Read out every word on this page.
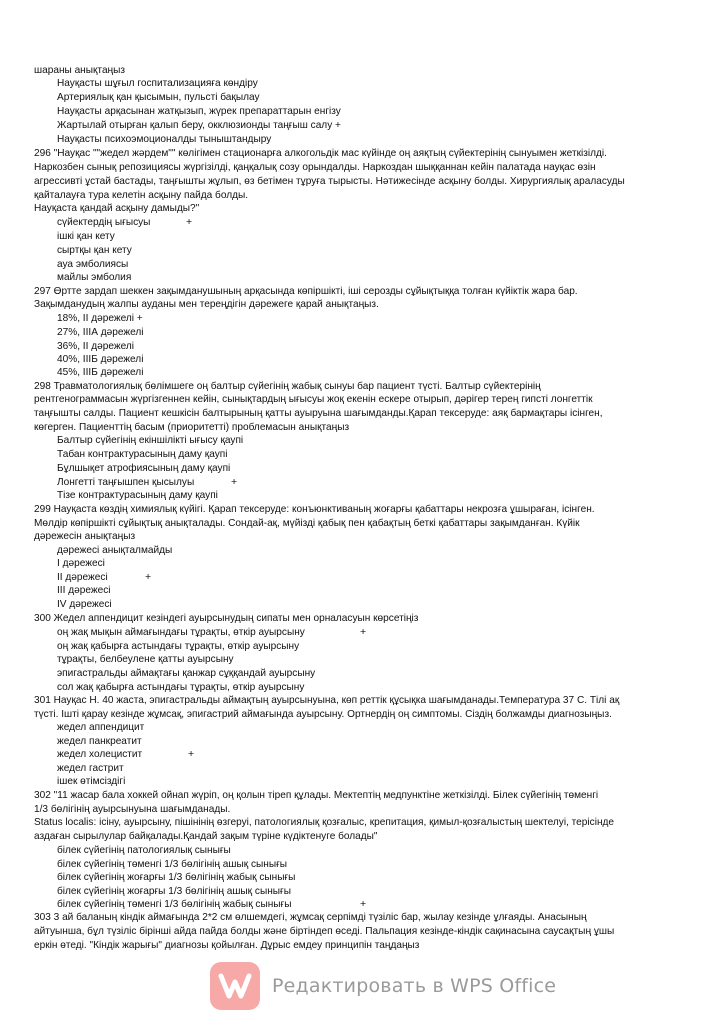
шараны анықтаңыз
Науқасты шұғыл госпитализацияға көндіру
Артериялық қан қысымын, пульсті бақылау
Науқасты арқасынан жатқызып, жүрек препараттарын енгізу
Жартылай отырған қалып беру, окклюзионды таңғыш салу +
Науқасты психоэмоционалды тыныштандыру
296 "Науқас ""жедел жәрдем"" көлігімен стационарға алкогольдік мас күйінде оң аяқтың сүйектерінің сынуымен жеткізілді.
Наркозбен сынық репозициясы жүргізілді, қаңқалық созу орындалды. Наркоздан шыққаннан кейін палатада науқас өзін
агрессивті ұстай бастады, таңғышты жұлып, өз бетімен тұруға тырысты. Нәтижесінде асқыну болды. Хирургиялық араласуды
қайталауға тура келетін асқыну пайда болды.
Науқаста қандай асқыну дамыды?"
сүйектердің ығысуы	+
ішкі қан кету
сыртқы қан кету
ауа эмболиясы
майлы эмболия
297 Өртте зардап шеккен зақымданушының арқасында көпіршікті, іші серозды сұйықтыққа толған күйіктік жара бар.
Зақымданудың жалпы ауданы мен тереңдігін дәрежеге қарай анықтаңыз.
18%, ІІ дәрежелі +
27%, ІІІА дәрежелі
36%, ІІ дәрежелі
40%, ІІІБ дәрежелі
45%, ІІІБ дәрежелі
298 Травматологиялық бөлімшеге оң балтыр сүйегінің жабық сынуы бар пациент түсті. Балтыр сүйектерінің
рентгенограммасын жүргізгеннен кейін, сынықтардың ығысуы жоқ екенін ескере отырып, дәрігер терең гипсті лонгеттік
таңғышты салды. Пациент кешкісін балтырының қатты ауыруына шағымданды.Қарап тексеруде: аяқ бармақтары ісінген,
көгерген. Пациенттің басым (приоритетті) проблемасын анықтаңыз
Балтыр сүйегінің екіншілікті ығысу қаупі
Табан контрактурасының даму қаупі
Бұлшықет атрофиясының даму қаупі
Лонгетті таңғышпен қысылуы	+
Тізе контрактурасының даму қаупі
299 Науқаста көздің химиялық күйігі. Қарап тексеруде: конъюнктиваның жоғарғы қабаттары некрозға ұшыраған, ісінген.
Мөлдір көпіршікті сұйықтық анықталады. Сондай-ақ, мүйізді қабық пен қабақтың беткі қабаттары зақымданған. Күйік
дәрежесін анықтаңыз
дәрежесі анықталмайды
І дәрежесі
ІІ дәрежесі	+
ІІІ дәрежесі
ІV дәрежесі
300 Жедел аппендицит кезіндегі ауырсынудың сипаты мен орналасуын көрсетіңіз
оң жақ мықын аймағындағы тұрақты, өткір ауырсыну	+
оң жақ қабырға астындағы тұрақты, өткір ауырсыну
тұрақты, белбеулене қатты ауырсыну
эпигастральды аймақтағы қанжар сұққандай ауырсыну
сол жақ қабырға астындағы тұрақты, өткір ауырсыну
301 Науқас Н. 40 жаста, эпигастральды аймақтың ауырсынуына, көп реттік құсықка шағымданады.Температура 37 С. Тілі ақ
түсті. Іштi қарау кезінде жұмсақ, эпигастрий аймағында ауырсыну. Ортнердің оң симптомы. Сіздің болжамды диагнозыңыз.
жедел аппендицит
жедел панкреатит
жедел холецистит	+
жедел гастрит
ішек өтімсіздігі
302 "11 жасар бала хоккей ойнап жүріп, оң қолын тіреп құлады. Мектептің медпунктіне жеткізілді. Білек сүйегінің төменгі
1/3 бөлігінің ауырсынуына шағымданады.
Status localis: ісіну, ауырсыну, пішінінің өзгеруі, патологиялық қозғалыс, крепитация, қимыл-қозғалыстың шектелуі, терісінде
аздаған сырылулар байқалады.Қандай зақым түріне күдіктенуге болады"
білек сүйегінің патологиялық сынығы
білек сүйегінің төменгі 1/3 бөлігінің ашық сынығы
білек сүйегінің жоғарғы 1/3 бөлігінің жабық сынығы
білек сүйегінің жоғарғы 1/3 бөлігінің ашық сынығы
білек сүйегінің төменгі 1/3 бөлігінің жабық сынығы	+
303 3 ай баланың кіндік аймағында 2*2 см өлшемдегі, жұмсақ серпімді түзіліс бар, жылау кезінде ұлғаяды. Анасының
айтуынша, бұл түзіліс бірінші айда пайда болды және біртіндеп өседі. Пальпация кезінде-кіндік сақинасына саусақтың ұшы
еркін өтеді. "Кіндік жарығы" диагнозы қойылған. Дұрыс емдеу принципін таңдаңыз
Редактировать в WPS Office
